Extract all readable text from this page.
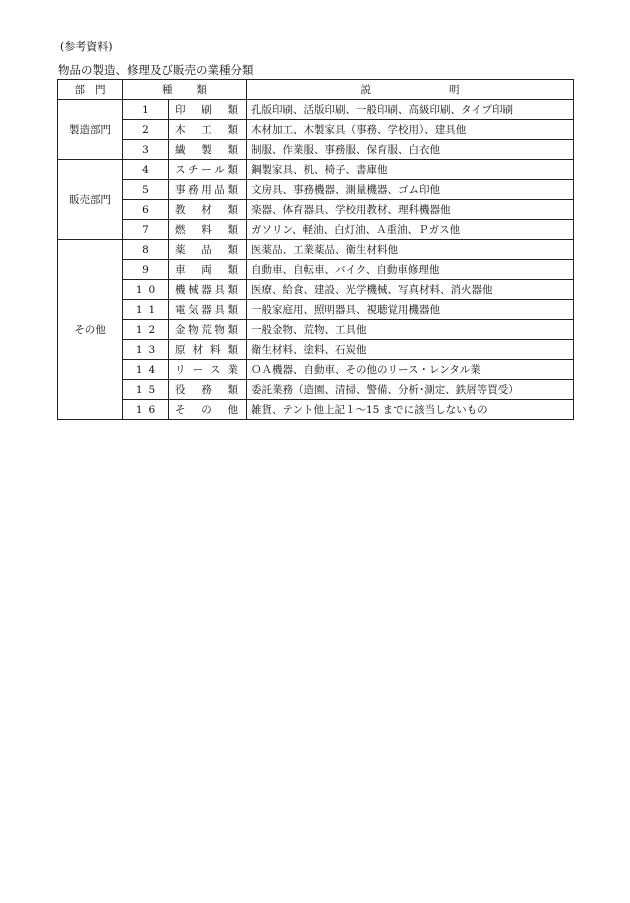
(参考資料)
物品の製造、修理及び販売の業種分類
部門	種類		説明
製造部門	1	印刷類	孔版印刷、活版印刷、一般印刷、高級印刷、タイプ印刷
	2	木工類	木材加工、木製家具（事務、学校用）、建具他
	3	繊製類	制服、作業服、事務服、保育服、白衣他
販売部門	4	スチール類	鋼製家具、机、椅子、書庫他
	5	事務用品類	文房具、事務機器、測量機器、ゴム印他
	6	教材類	楽器、体育器具、学校用教材、理科機器他
	7	燃料類	ガソリン、軽油、白灯油、Ａ重油、Ｐガス他
その他	8	薬品類	医薬品、工業薬品、衛生材料他
	9	車両類	自動車、自転車、バイク、自動車修理他
	10	機械器具類	医療、給食、建設、光学機械、写真材料、消火器他
	11	電気器具類	一般家庭用、照明器具、視聴覚用機器他
	12	金物荒物類	一般金物、荒物、工具他
	13	原材料類	衛生材料、塗料、石炭他
	14	リース業	ＯＡ機器、自動車、その他のリース・レンタル業
	15	役務類	委託業務（造園、清掃、警備、分析･測定、鉄屑等買受）
	16	その他	雑貨、テント他上記１～15 までに該当しないもの
